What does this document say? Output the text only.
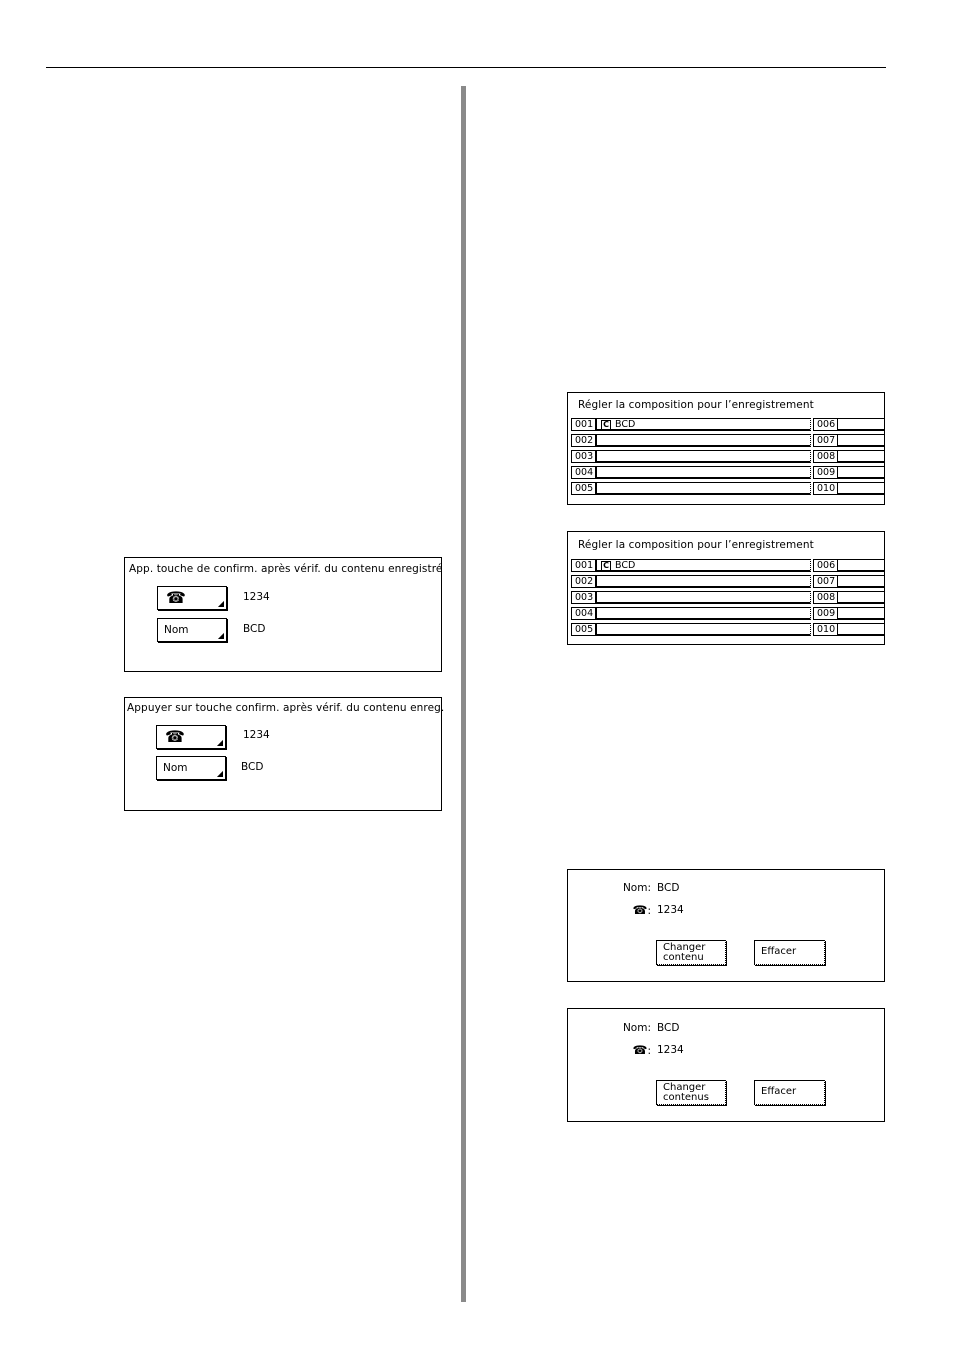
App. touche de confirm. après vérif. du contenu enregistré
☎	◢
1234
Nom	◢
BCD
Appuyer sur touche confirm. après vérif. du contenu enreg.
☎	◢
1234
Nom	◢
BCD
Régler la composition pour l’enregistrement
001	C BCD	006
002	007
003	008
004	009
005	010
Régler la composition pour l’enregistrement
001	C BCD	006
002	007
003	008
004	009
005	010
Nom: BCD
☎: 1234
Changer
contenu
Effacer
Nom: BCD
☎: 1234
Changer
contenus
Effacer
